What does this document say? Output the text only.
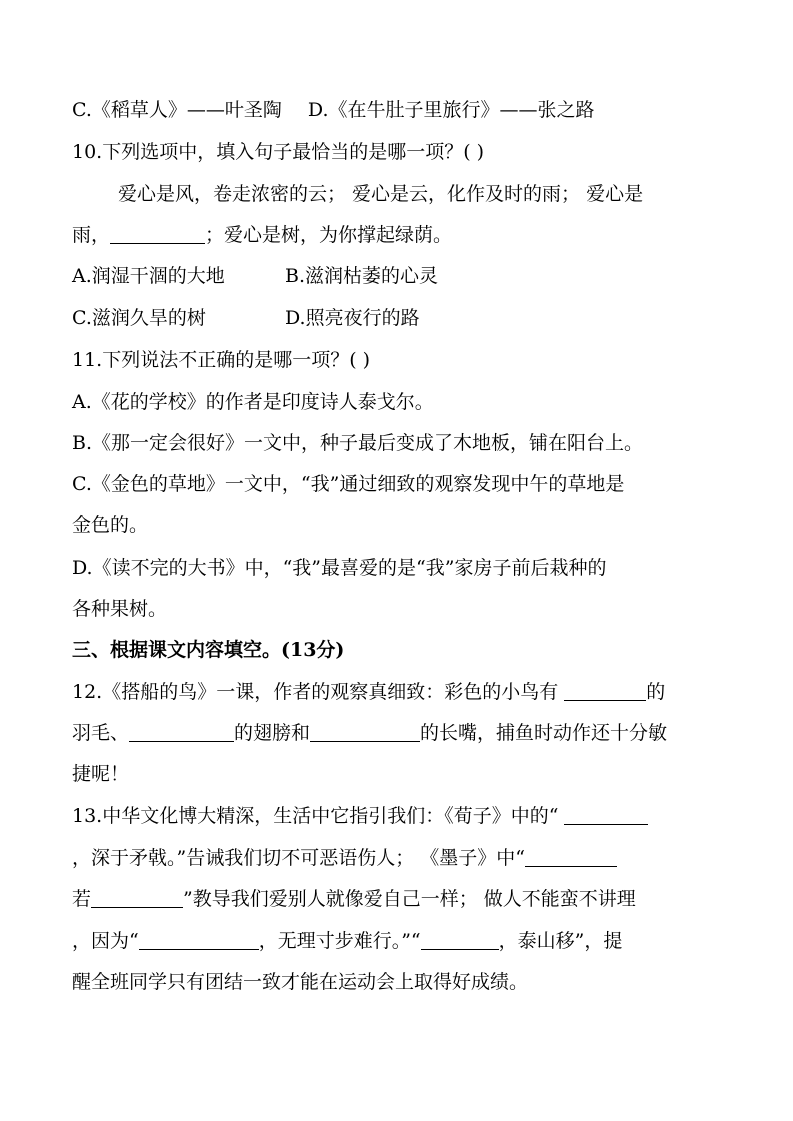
C.《稻草人》——叶圣陶 D.《在牛肚子里旅行》——张之路
10.下列选项中，填入句子最恰当的是哪一项？( )
爱心是风，卷走浓密的云； 爱心是云，化作及时的雨； 爱心是
雨，	；爱心是树，为你撑起绿荫。
A.润湿干涸的大地	B.滋润枯萎的心灵
C.滋润久旱的树	D.照亮夜行的路
11.下列说法不正确的是哪一项？( )
A.《花的学校》的作者是印度诗人泰戈尔。
B.《那一定会很好》一文中，种子最后变成了木地板，铺在阳台上。
C.《金色的草地》一文中，“我”通过细致的观察发现中午的草地是
金色的。
D.《读不完的大书》中，“我”最喜爱的是“我”家房子前后栽种的
各种果树。
三、根据课文内容填空。(13分)
12.《搭船的鸟》一课，作者的观察真细致：彩色的小鸟有	的
羽毛、	的翅膀和	的长嘴，捕鱼时动作还十分敏
捷呢！
13.中华文化博大精深，生活中它指引我们：《荀子》中的“
，深于矛戟。”告诫我们切不可恶语伤人； 《墨子》中“
若	”教导我们爱别人就像爱自己一样； 做人不能蛮不讲理
，因为“	，无理寸步难行。”“	，泰山移”，提
醒全班同学只有团结一致才能在运动会上取得好成绩。
